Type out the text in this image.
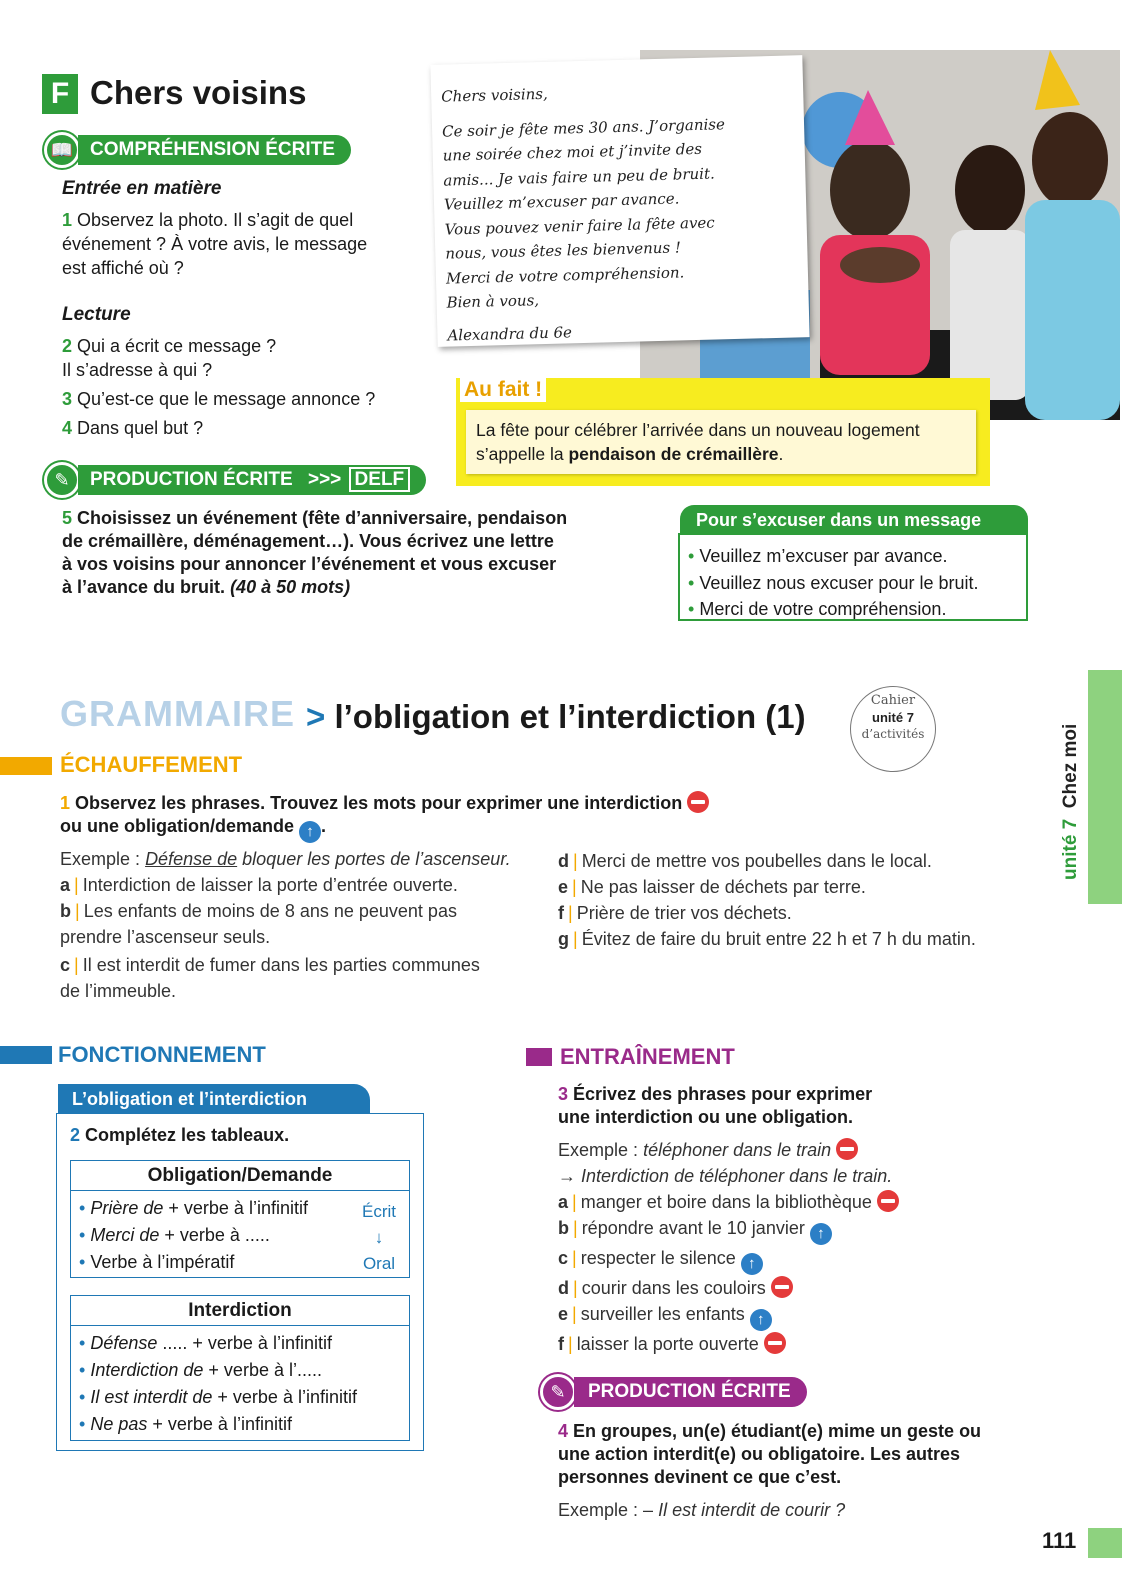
F Chers voisins
📖 COMPRÉHENSION ÉCRITE
Entrée en matière
1 Observez la photo. Il s’agit de quel
événement ? À votre avis, le message
est affiché où ?
Lecture
2 Qui a écrit ce message ?
Il s’adresse à qui ?
3 Qu’est-ce que le message annonce ?
4 Dans quel but ?
✎	PRODUCTION ÉCRITE >>> DELF
5 Choisissez un événement (fête d’anniversaire, pendaison
de crémaillère, déménagement…). Vous écrivez une lettre
à vos voisins pour annoncer l’événement et vous excuser
à l’avance du bruit. (40 à 50 mots)
Chers voisins,
Ce soir je fête mes 30 ans. J’organise
une soirée chez moi et j’invite des
amis... Je vais faire un peu de bruit.
Veuillez m’excuser par avance.
Vous pouvez venir faire la fête avec
nous, vous êtes les bienvenus !
Merci de votre compréhension.
Bien à vous,
Alexandra du 6e
Au fait !
La fête pour célébrer l’arrivée dans un nouveau logement
s’appelle la pendaison de crémaillère.
Pour s’excuser dans un message
• Veuillez m’excuser par avance.
• Veuillez nous excuser pour le bruit.
• Merci de votre compréhension.
GRAMMAIRE > l’obligation et l’interdiction (1)	Cahier
unité 7
d’activités
ÉCHAUFFEMENT
1 Observez les phrases. Trouvez les mots pour exprimer une interdiction
ou une obligation/demande ↑ .
Exemple : Défense de bloquer les portes de l’ascenseur.
a | Interdiction de laisser la porte d’entrée ouverte.
b | Les enfants de moins de 8 ans ne peuvent pas
prendre l’ascenseur seuls.
c | Il est interdit de fumer dans les parties communes
de l’immeuble.
d | Merci de mettre vos poubelles dans le local.
e | Ne pas laisser de déchets par terre.
f | Prière de trier vos déchets.
g | Évitez de faire du bruit entre 22 h et 7 h du matin.
FONCTIONNEMENT
L’obligation et l’interdiction
2 Complétez les tableaux.
Obligation/Demande
• Prière de + verbe à l’infinitif
• Merci de + verbe à .....
• Verbe à l’impératif
Écrit
↓
Oral
Interdiction
• Défense ..... + verbe à l’infinitif
• Interdiction de + verbe à l’.....
• Il est interdit de + verbe à l’infinitif
• Ne pas + verbe à l’infinitif
ENTRAÎNEMENT
3 Écrivez des phrases pour exprimer
une interdiction ou une obligation.
Exemple : téléphoner dans le train
→ Interdiction de téléphoner dans le train.
a | manger et boire dans la bibliothèque
b | répondre avant le 10 janvier ↑
c | respecter le silence ↑
d | courir dans les couloirs
e | surveiller les enfants ↑
f | laisser la porte ouverte
✎	PRODUCTION ÉCRITE
4 En groupes, un(e) étudiant(e) mime un geste ou
une action interdit(e) ou obligatoire. Les autres
personnes devinent ce que c’est.
Exemple : – Il est interdit de courir ?
unité 7  Chez moi
111
